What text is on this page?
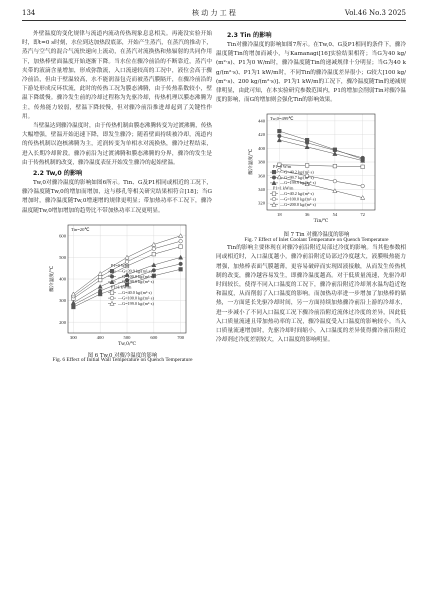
134	核 动 力 工 程	Vol.46 No.3 2025

外壁温度的变化规律与流道内流动传热现象息息相关。再淹没实验开始时，即t=0 s时刻，水位到达加热段底部，开始产生蒸汽，在蒸汽的推动下，蒸汽与空气的混合气流快速向上流动，在蒸汽对流换热和热辐射的共同作用下，加热棒壁面温度开始逐渐下降。当水位在骤冷前沿的不断靠近，蒸汽中夹带的液滴含量增加，形成弥散流，入口流速较高的工况中，液位会高于骤冷前沿，但由于壁温较高，水不能润湿包壳而被蒸汽膜隔开，在骤冷前沿的下游处形成反环状流，此时的传热工况为膜态沸腾，由于传热系数较小，壁温下降缓慢。骤冷发生前的冷却过程称为先驱冷却，传热机理以膜态沸腾为主，传热能力较弱，壁温下降较慢，但对骤冷前沿推进却起到了关键性作用。

当壁温达到骤冷温度时，由于传热机制由膜态沸腾转变为过渡沸腾，传热大幅增强，壁温开始迅速下降，即发生骤冷；随着壁面持续被冷却，流道内的传热机制以泡核沸腾为主，近润转变为单相水对流换热，骤冷过程结束，进入长期冷却阶段。骤冷前沿为过渡沸腾和膜态沸腾的分界，骤冷的发生是由于传热机制的改变，骤冷温度表征开始发生骤冷的起始壁温。

2.2 Tw,0 的影响

Tw,0对骤冷温度的影响如图6所示。Tin、G及P1相同或相近的工况下，骤冷温度随Tw,0的增加而增加，这与移孔等相关研究结果相符合[18]；当G增加时，骤冷温度随Tw,0增速增的规律更明显；带加热功率不工况下，骤冷温度随Tw,0增加增加的趋势比不带加热功率工况更明显。

300	400	500	600	700
200
300
400
500
600
Tw,0/℃
骤冷温度/℃
Tin=20℃
P1=0 W/m
—G=39.9 kg/(m²·s)
—G=100.0 kg/(m²·s)
—G=199.0 kg/(m²·s)
P1=1 kW/m
—G=40.0 kg/(m²·s)
—G=100.0 kg/(m²·s)
—G=199.0 kg/(m²·s)

图 6 Tw,0 对骤冷温度的影响

Fig. 6 Effect of Initial Wall Temperature on Quench Temperature

2.3 Tin 的影响

Tin对骤冷温度的影响如图7所示。在Tw,0、G及P1相同的条件下，骤冷温度随Tin的增加而减小，与Kamanagi[16]实验结果相符；当G为40 kg/(m²·s)、P1为0 W/m时，骤冷温度随Tin的递减规律十分明显；当G为40 kg/(m²·s)、P1为1 kW/m时，不同Tin的骤冷温度差异很小；G较大[100 kg/(m²·s)、200 kg/(m²·s)]、P1为1 kW/m的工况下，骤冷温度随Tin的递减规律明显，由此可知，在本实验研究参数范围内，P1的增加会削弱Tin对骤冷温度的影响，而G的增加则会强化Tin的影响效果。

18	36	54	72
320
340
360
380
400
420
440
Tin/℃
骤冷温度/℃
Tw,0=499℃
P1=0 W/m
—G=40.2 kg/(m²·s)
—G=99.7 kg/(m²·s)
—G=199.9 kg/(m²·s)
P1=1 kW/m
—G=40.2 kg/(m²·s)
—G=100.0 kg/(m²·s)
—G=200.0 kg/(m²·s)

图 7 Tin 对骤冷温度的影响

Fig. 7 Effect of Inlet Coolant Temperature on Quench Temperature

Tin的影响主要体现在对骤冷前沿附近局部过冷度的影响。当其他参数相同或相近时，入口温度越小，骤冷前沿附近局部过冷度越大，液膜吸热能力增强，加热棒表面气膜越薄，更容易破碎而实现固液接触，从而发生传热机制的改变，骤冷越容易发生，即骤冷温度越高。对于低质量流速，先驱冷却时间较长，使得不同入口温度的工况下，骤冷前沿附近冷却剂水温均趋近饱和温度，从而削弱了入口温度的影响。而加热功率进一步增加了加热棒的储热，一方面延长先驱冷却时间，另一方面持续加热骤冷前沿上游的冷却水，进一步减小了不同入口温度工况下骤冷前沿附近流体过冷度的差异，因此低入口质量流速且带加热功率的工况，骤冷温度受入口温度的影响较小。当入口质量流速增加时，先驱冷却时间缩小，入口温度的差异使得骤冷前沿附近冷却剂过冷度差别较大，入口温度的影响明显。
